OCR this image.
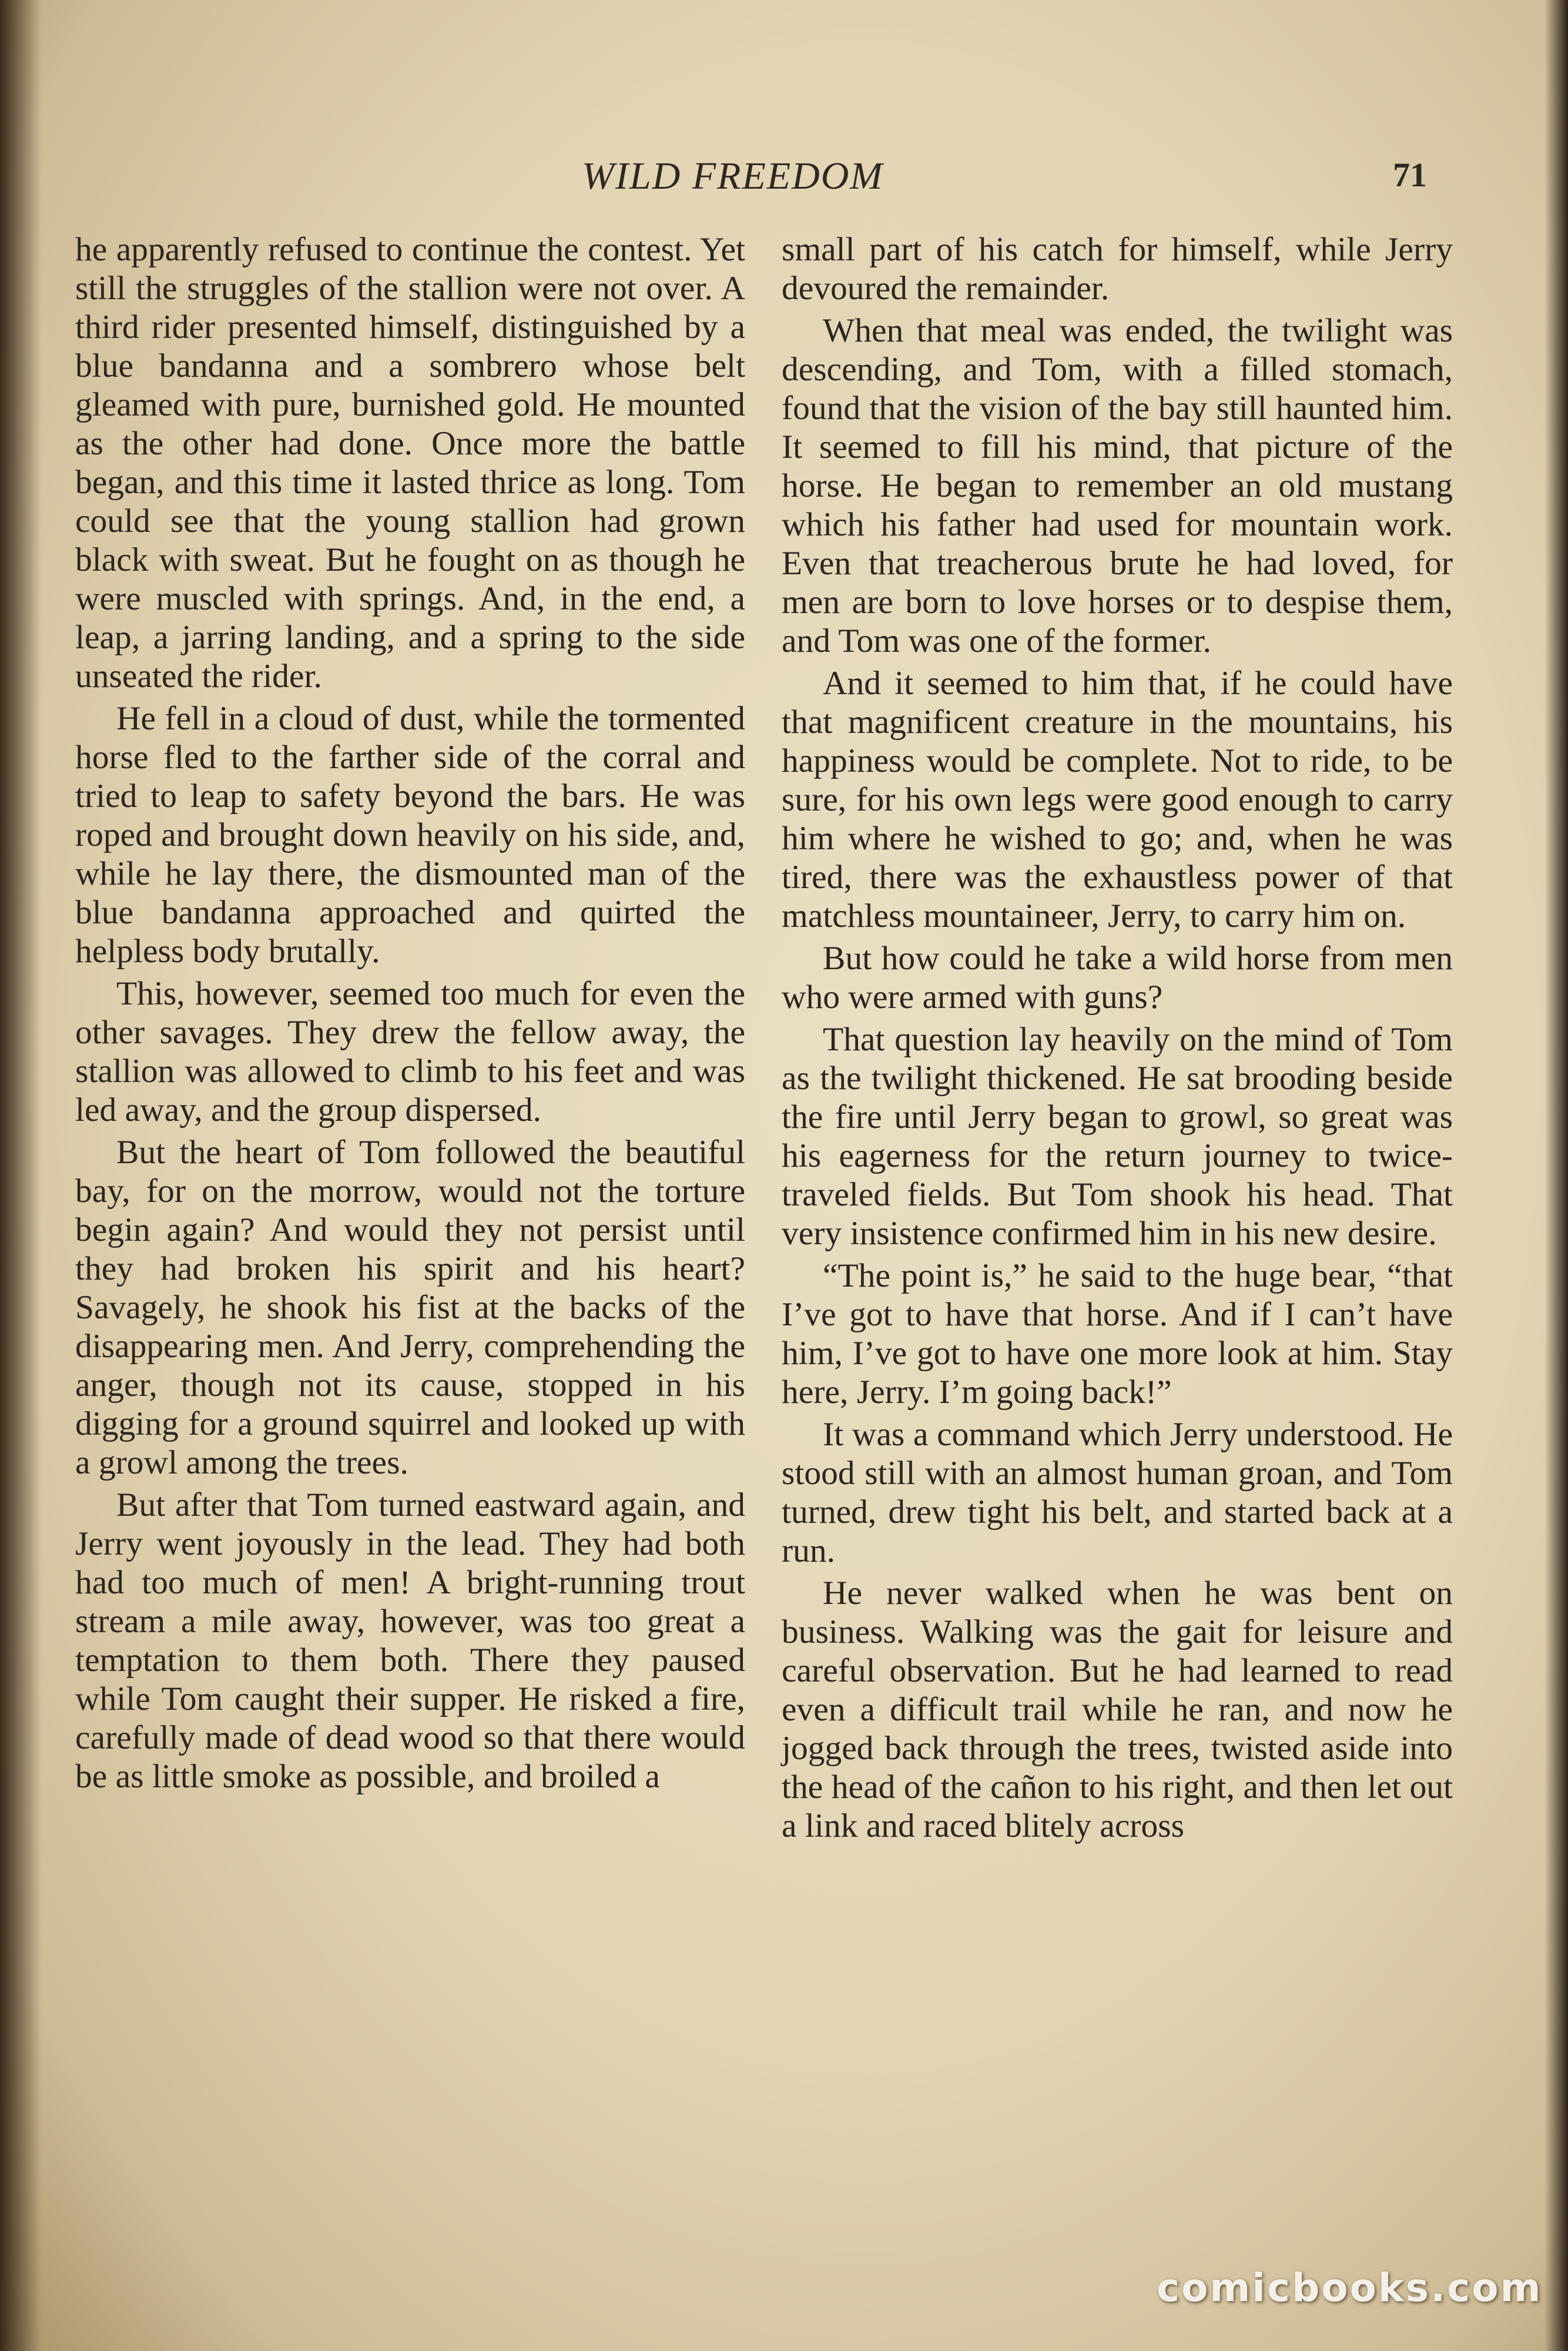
WILD FREEDOM	71

he apparently refused to continue the contest. Yet still the struggles of the stallion were not over. A third rider presented himself, distinguished by a blue bandanna and a sombrero whose belt gleamed with pure, burnished gold. He mounted as the other had done. Once more the battle began, and this time it lasted thrice as long. Tom could see that the young stallion had grown black with sweat. But he fought on as though he were muscled with springs. And, in the end, a leap, a jarring landing, and a spring to the side unseated the rider.

He fell in a cloud of dust, while the tormented horse fled to the farther side of the corral and tried to leap to safety beyond the bars. He was roped and brought down heavily on his side, and, while he lay there, the dismounted man of the blue bandanna approached and quirted the helpless body brutally.

This, however, seemed too much for even the other savages. They drew the fellow away, the stallion was allowed to climb to his feet and was led away, and the group dispersed.

But the heart of Tom followed the beautiful bay, for on the morrow, would not the torture begin again? And would they not persist until they had broken his spirit and his heart? Savagely, he shook his fist at the backs of the disappearing men. And Jerry, comprehending the anger, though not its cause, stopped in his digging for a ground squirrel and looked up with a growl among the trees.

But after that Tom turned eastward again, and Jerry went joyously in the lead. They had both had too much of men! A bright-running trout stream a mile away, however, was too great a temptation to them both. There they paused while Tom caught their supper. He risked a fire, carefully made of dead wood so that there would be as little smoke as possible, and broiled a

small part of his catch for himself, while Jerry devoured the remainder.

When that meal was ended, the twilight was descending, and Tom, with a filled stomach, found that the vision of the bay still haunted him. It seemed to fill his mind, that picture of the horse. He began to remember an old mustang which his father had used for mountain work. Even that treacherous brute he had loved, for men are born to love horses or to despise them, and Tom was one of the former.

And it seemed to him that, if he could have that magnificent creature in the mountains, his happiness would be complete. Not to ride, to be sure, for his own legs were good enough to carry him where he wished to go; and, when he was tired, there was the exhaustless power of that matchless mountaineer, Jerry, to carry him on.

But how could he take a wild horse from men who were armed with guns?

That question lay heavily on the mind of Tom as the twilight thickened. He sat brooding beside the fire until Jerry began to growl, so great was his eagerness for the return journey to twice-traveled fields. But Tom shook his head. That very insistence confirmed him in his new desire.

“The point is,” he said to the huge bear, “that I’ve got to have that horse. And if I can’t have him, I’ve got to have one more look at him. Stay here, Jerry. I’m going back!”

It was a command which Jerry understood. He stood still with an almost human groan, and Tom turned, drew tight his belt, and started back at a run.

He never walked when he was bent on business. Walking was the gait for leisure and careful observation. But he had learned to read even a difficult trail while he ran, and now he jogged back through the trees, twisted aside into the head of the cañon to his right, and then let out a link and raced blitely across

comicbooks.com
